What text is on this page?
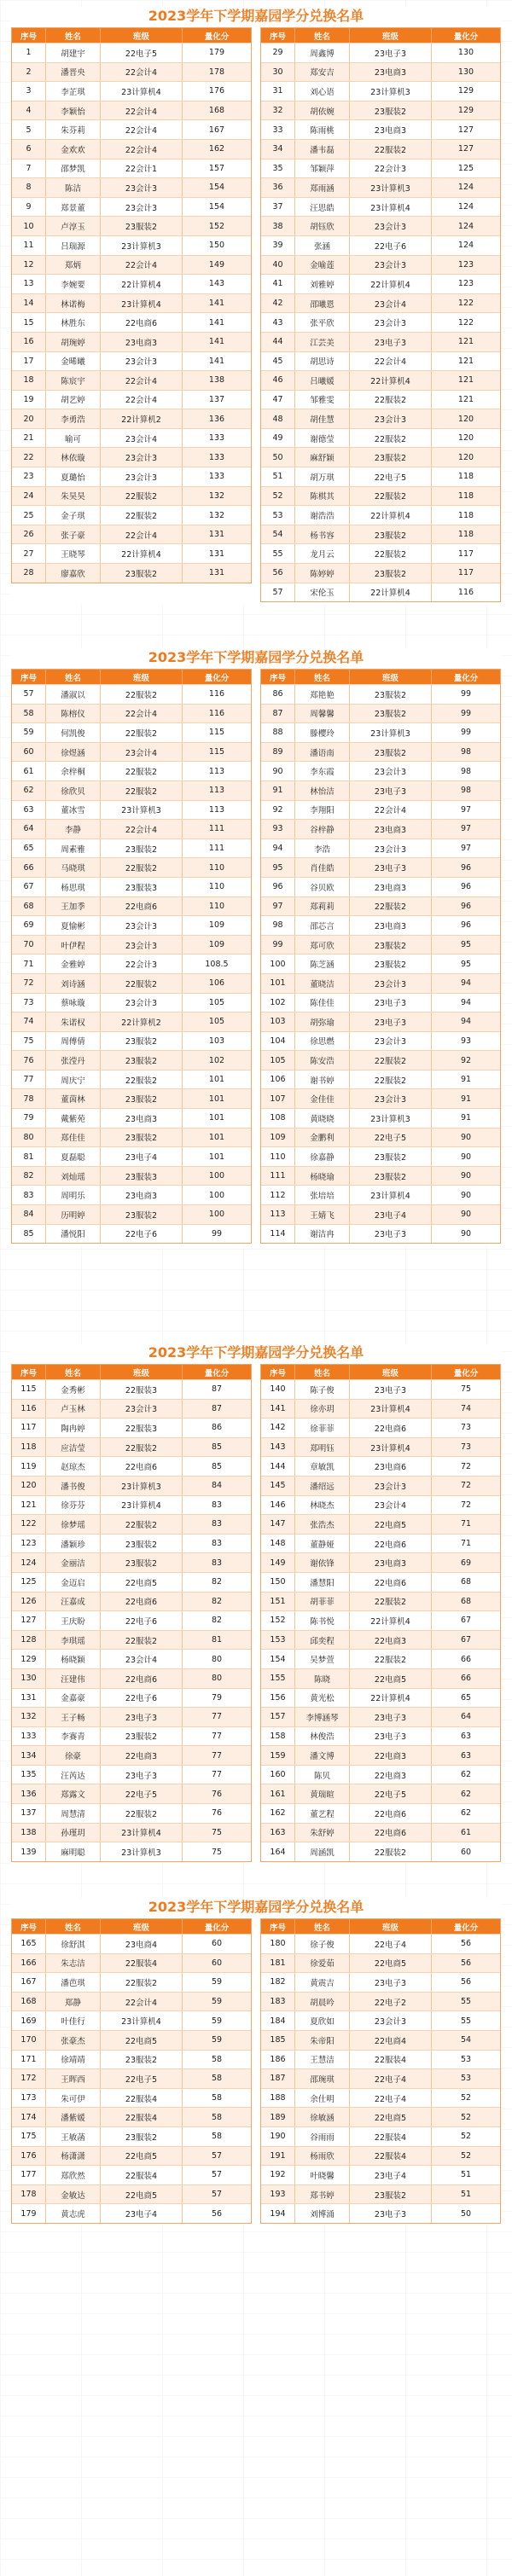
2023学年下学期嘉园学分兑换名单
序号	姓名	班级	量化分
1	胡建宇	22电子5	179
2	潘晋央	22会计4	178
3	李芷琪	23计算机4	176
4	李颖怡	22会计4	168
5	朱芬莉	22会计4	167
6	金欢欢	22会计4	162
7	邵梦凯	22会计1	157
8	陈洁	23会计3	154
9	郑景董	23会计3	154
10	卢淳玉	23服装2	152
11	吕瑞源	23计算机3	150
12	郑炳	22会计4	149
13	李婉要	22计算机4	143
14	林诺梅	23计算机4	141
15	林胜东	22电商6	141
16	胡琬婷	23电商3	141
17	金晞曦	23会计3	141
18	陈宸宇	22会计4	138
19	胡艺婷	22会计4	137
20	李勇浩	22计算机2	136
21	喻可	23会计4	133
22	林依璇	23会计3	133
23	夏璐怡	23会计3	133
24	朱昊昊	22服装2	132
25	金子琪	22服装2	132
26	张子豪	22会计4	131
27	王晓琴	22计算机4	131
28	廖嘉欣	23服装2	131
序号	姓名	班级	量化分
29	周鑫博	23电子3	130
30	郑安吉	23电商3	130
31	刘心语	23计算机3	129
32	胡依婉	23服装2	129
33	陈雨桃	23电商3	127
34	潘韦磊	22服装2	127
35	邹颖萍	22会计3	125
36	郑雨涵	23计算机3	124
37	汪思皓	23计算机4	124
38	胡钰欣	23会计3	124
39	张涵	22电子6	124
40	金喻莲	23会计3	123
41	刘雅婷	22计算机4	123
42	邵曦恩	23会计4	122
43	张平欣	23会计3	122
44	江芸美	23电子3	121
45	胡思诗	22会计4	121
46	吕曦媛	22计算机4	121
47	邹雅雯	22服装2	121
48	胡佳慧	23会计3	120
49	谢德莹	22服装2	120
50	麻舒颖	23服装2	120
51	胡万琪	22电子5	118
52	陈棋其	22服装2	118
53	谢浩浩	22计算机4	118
54	杨书容	23服装2	118
55	龙月云	22服装2	117
56	陈婷婷	23服装2	117
57	宋伦玉	22计算机4	116
2023学年下学期嘉园学分兑换名单
序号	姓名	班级	量化分
57	潘淑以	22服装2	116
58	陈榕仪	22会计4	116
59	何凯俊	22服装2	115
60	徐煜涵	23会计4	115
61	余梓桐	22服装2	113
62	徐欣贝	22服装2	113
63	董冰雪	23计算机3	113
64	李静	22会计4	111
65	周素雅	23服装2	111
66	马晓琪	22服装2	110
67	杨思琪	23服装3	110
68	王加季	22电商6	110
69	夏愉彬	23会计3	109
70	叶伊程	23会计3	109
71	金雅婷	22会计3	108.5
72	刘诗涵	22服装2	106
73	蔡咏璇	23会计3	105
74	朱诺权	22计算机2	105
75	周傅倩	23服装2	103
76	张滢丹	23服装2	102
77	周庆宁	22服装2	101
78	董茵林	23服装2	101
79	戴紫苑	23电商3	101
80	郑佳佳	23服装2	101
81	夏磊聪	23电子4	101
82	刘灿瑶	23服装3	100
83	周明乐	23电商3	100
84	历明婷	23服装2	100
85	潘悦阳	22电子6	99
序号	姓名	班级	量化分
86	郑艳艳	23服装2	99
87	周馨馨	23服装2	99
88	滕樱玲	23计算机3	99
89	潘语南	23服装2	98
90	李东霞	23会计3	98
91	林怡洁	23电子3	98
92	李翔阳	22会计4	97
93	谷梓静	23电商3	97
94	李浩	23会计3	97
95	肖佳皓	23电子3	96
96	谷贝欧	23电商3	96
97	郑莉莉	22服装2	96
98	邵芯言	23电商3	96
99	郑可欣	23服装2	95
100	陈芝涵	23服装2	95
101	董晓洁	23会计3	94
102	陈佳佳	23电子3	94
103	胡弥瑜	23电子3	94
104	徐思燃	23会计3	93
105	陈安浩	22服装2	92
106	谢书婷	22服装2	91
107	金佳佳	23会计3	91
108	黄晓晓	23计算机3	91
109	金鹏利	22电子5	90
110	徐嘉静	23服装2	90
111	杨晓瑜	23服装2	90
112	张培培	23计算机4	90
113	王婧飞	23电子4	90
114	谢洁冉	23电子3	90
2023学年下学期嘉园学分兑换名单
序号	姓名	班级	量化分
115	金秀彬	22服装3	87
116	卢玉林	23会计3	87
117	陶冉婷	22服装3	86
118	应洁莹	22服装2	85
119	赵琼杰	22电商6	85
120	潘书俊	23计算机3	84
121	徐芬芬	23计算机4	83
122	徐梦瑶	22服装2	83
123	潘颖珍	23服装2	83
124	金丽洁	23服装2	83
125	金迈启	22电商5	82
126	汪嘉成	22电商6	82
127	王庆盼	22电子6	82
128	李琪瑶	22服装2	81
129	杨晓颖	23会计4	80
130	汪建伟	22电商6	80
131	金嘉豪	22电子6	79
132	王子畅	23电子3	77
133	李赛青	23服装2	77
134	徐豪	22电商3	77
135	汪芮达	23电子3	77
136	郑露文	22电子5	76
137	周慧清	22服装2	76
138	孙瑾玥	23计算机4	75
139	麻明聪	23计算机3	75
序号	姓名	班级	量化分
140	陈子俊	23电子3	75
141	徐亦玥	23计算机4	74
142	徐菲菲	22电商6	73
143	郑明钰	23计算机4	73
144	章敏凯	23电商6	72
145	潘绍远	23会计3	72
146	林晓杰	23会计4	72
147	张浩杰	22电商5	71
148	董静娅	22电商6	71
149	谢依锋	23电商3	69
150	潘慧阳	22电商6	68
151	胡菲菲	22服装2	68
152	陈书悦	22计算机4	67
153	邱奕程	22电商3	67
154	吴梦萱	22服装2	66
155	陈晓	22电商5	66
156	黄光松	22计算机4	65
157	李博涵琴	23电子3	64
158	林俊浩	23电子3	63
159	潘文博	22电商3	63
160	陈贝	22电商3	62
161	黄瑞暄	22电子5	62
162	董艺程	22电商6	62
163	朱舒婷	22电商6	61
164	周涵凯	22服装2	60
2023学年下学期嘉园学分兑换名单
序号	姓名	班级	量化分
165	徐舒淇	23电商4	60
166	朱志洁	22服装4	60
167	潘芭琪	22服装2	59
168	郑静	22会计4	59
169	叶佳行	23计算机4	59
170	张豪杰	22电商5	59
171	徐靖靖	23服装2	58
172	王晖西	22电子5	58
173	朱可伊	22服装4	58
174	潘紫媛	22服装4	58
175	王敏菡	23服装2	58
176	杨潇潇	22电商5	57
177	郑欣然	22服装4	57
178	金敏达	22电商5	57
179	黄志虎	23电子4	56
序号	姓名	班级	量化分
180	徐子俊	22电子4	56
181	徐爱茹	22电商5	56
182	黄震吉	23电子3	56
183	胡晨吟	22电子2	55
184	夏欣如	23会计3	55
185	朱帝阳	22电商4	54
186	王慧洁	22服装4	53
187	邵琬琪	22电子4	53
188	余仕明	22电子4	52
189	徐敏涵	22电商5	52
190	谷雨雨	22服装4	52
191	杨雨欣	22服装4	52
192	叶晓馨	23电子4	51
193	郑书婷	23服装2	51
194	刘博涌	23电子3	50
